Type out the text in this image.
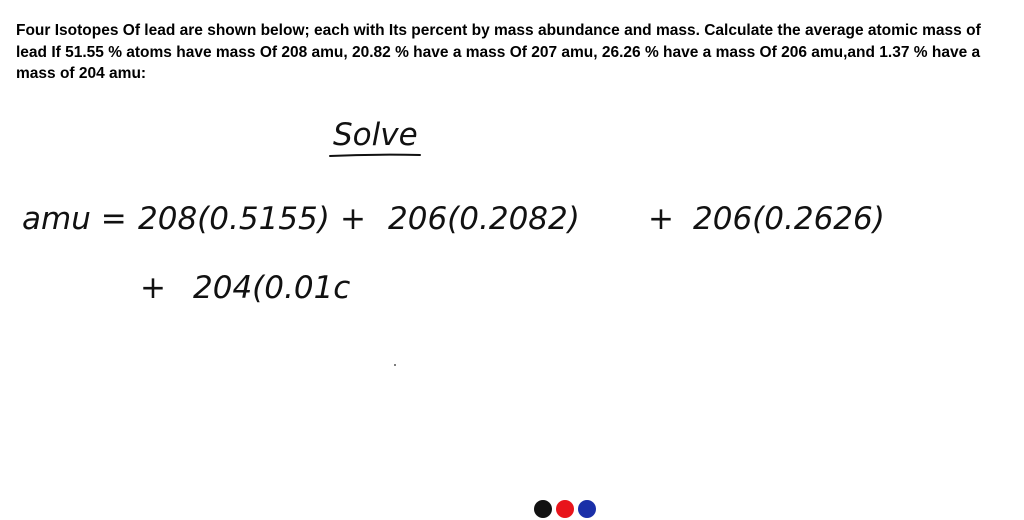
Four Isotopes Of lead are shown below; each with Its percent by mass abundance and mass. Calculate the average atomic mass of lead If 51.55 % atoms have mass Of 208 amu, 20.82 % have a mass Of 207 amu, 26.26 % have a mass Of 206 amu,and 1.37 % have a mass of 204 amu:

Solve
amu = 208(0.5155) + 206(0.2082) + 206(0.2626)
+ 204(0.01c
